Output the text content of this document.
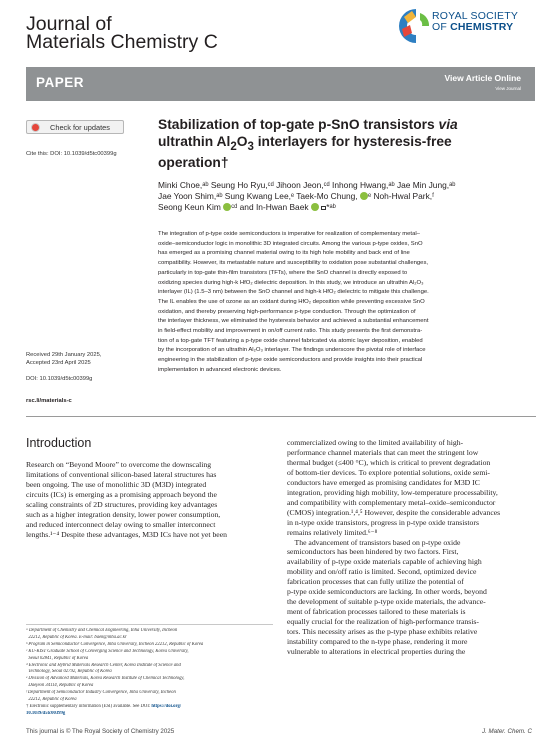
Journal of
Materials Chemistry C
ROYAL SOCIETY
OF CHEMISTRY
PAPER	View Article Online
View Journal
Check for updates
Cite this: DOI: 10.1039/d5tc00399g
Received 29th January 2025,
Accepted 23rd April 2025
DOI: 10.1039/d5tc00399g
rsc.li/materials-c
Stabilization of top-gate p-SnO transistors via
ultrathin $Al_2O_3$ interlayers for hysteresis-free
operation†
Minki Choe,ᵃᵇ Seung Ho Ryu,ᶜᵈ Jihoon Jeon,ᶜᵈ Inhong Hwang,ᵃᵇ Jae Min Jung,ᵃᵇ
Jae Yoon Shim,ᵃᵇ Sung Kwang Lee,ᵉ Taek-Mo Chung, ᵉ Noh-Hwal Park,ᶠ
Seong Keun Kim ᶜᵈ and In-Hwan Baek *ᵃᵇ
The integration of p-type oxide semiconductors is imperative for realization of complementary metal–
oxide–semiconductor logic in monolithic 3D integrated circuits. Among the various p-type oxides, SnO
has emerged as a promising channel material owing to its high hole mobility and back end of line
compatibility. However, its metastable nature and susceptibility to oxidation pose substantial challenges,
particularly in top-gate thin-film transistors (TFTs), where the SnO channel is directly exposed to
oxidizing species during high-k HfO₂ dielectric deposition. In this study, we introduce an ultrathin Al₂O₃
interlayer (IL) (1.5–3 nm) between the SnO channel and high-k HfO₂ dielectric to mitigate this challenge.
The IL enables the use of ozone as an oxidant during HfO₂ deposition while preventing excessive SnO
oxidation, and thereby preserving high-performance p-type conduction. Through the optimization of
the interlayer thickness, we eliminated the hysteresis behavior and achieved a substantial enhancement
in field-effect mobility and improvement in on/off current ratio. This study presents the first demonstra-
tion of a top-gate TFT featuring a p-type oxide channel fabricated via atomic layer deposition, enabled
by the incorporation of an ultrathin Al₂O₃ interlayer. The findings underscore the pivotal role of interface
engineering in the stabilization of p-type oxide semiconductors and provide insights into their practical
implementation in advanced electronic devices.
Introduction
Research on “Beyond Moore” to overcome the downscaling
limitations of conventional silicon-based lateral structures has
been ongoing. The use of monolithic 3D (M3D) integrated
circuits (ICs) is emerging as a promising approach beyond the
scaling constraints of 2D structures, providing key advantages
such as a higher integration density, lower power consumption,
and reduced interconnect delay owing to smaller interconnect
lengths.¹⁻⁴ Despite these advantages, M3D ICs have not yet been
commercialized owing to the limited availability of high-
performance channel materials that can meet the stringent low
thermal budget (≤400 °C), which is critical to prevent degradation
of bottom-tier devices. To explore potential solutions, oxide semi-
conductors have emerged as promising candidates for M3D IC
integration, providing high mobility, low-temperature processability,
and compatibility with complementary metal–oxide–semiconductor
(CMOS) integration.¹,⁴,⁵ However, despite the considerable advances
in n-type oxide transistors, progress in p-type oxide transistors
remains relatively limited.⁶⁻⁸
The advancement of transistors based on p-type oxide
semiconductors has been hindered by two factors. First,
availability of p-type oxide materials capable of achieving high
mobility and on/off ratio is limited. Second, optimized device
fabrication processes that can fully utilize the potential of
p-type oxide semiconductors are lacking. In other words, beyond
the development of suitable p-type oxide materials, the advance-
ment of fabrication processes tailored to these materials is
equally crucial for the realization of high-performance transis-
tors. This necessity arises as the p-type phase exhibits relative
instability compared to the n-type phase, rendering it more
vulnerable to alterations in electrical properties during the
ᵃ Department of Chemistry and Chemical Engineering, Inha University, Incheon
22212, Republic of Korea. E-mail: baek@inha.ac.kr
ᵇ Program in Semiconductor Convergence, Inha University, Incheon 22212, Republic of Korea
ᶜ KU-KIST Graduate School of Converging Science and Technology, Korea University,
Seoul 02841, Republic of Korea
ᵈ Electronic and Hybrid Materials Research Center, Korea Institute of Science and
Technology, Seoul 02792, Republic of Korea
ᵉ Division of Advanced Materials, Korea Research Institute of Chemical Technology,
Daejeon 34114, Republic of Korea
ᶠ Department of Semiconductor Industry Convergence, Inha University, Incheon
22212, Republic of Korea
† Electronic supplementary information (ESI) available. See DOI: https://doi.org/
10.1039/d5tc00399g
This journal is © The Royal Society of Chemistry 2025	J. Mater. Chem. C
